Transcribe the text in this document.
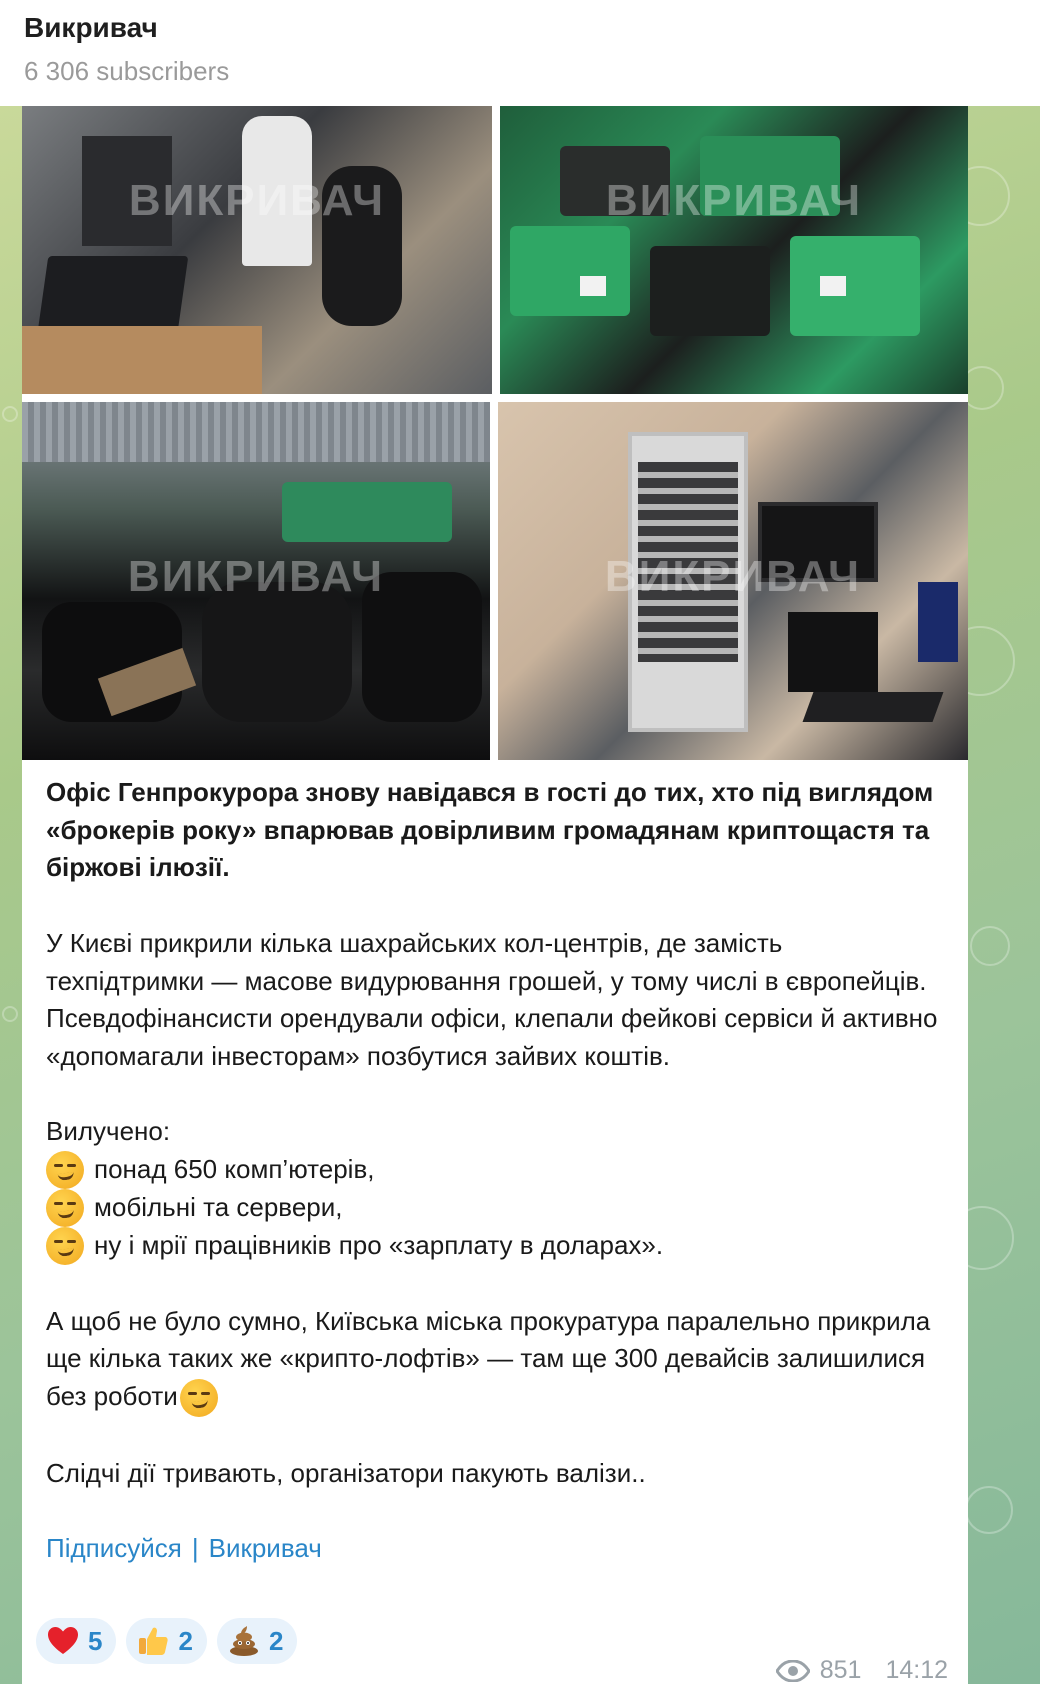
Викривач
6 306 subscribers
ВИКРИВАЧ	ВИКРИВАЧ
ВИКРИВАЧ	ВИКРИВАЧ
Офіс Генпрокурора знову навідався в гості до тих, хто під виглядом «брокерів року» впарював довірливим громадянам криптощастя та біржові ілюзії.
У Києві прикрили кілька шахрайських кол-центрів, де замість техпідтримки — масове видурювання грошей, у тому числі в європейців. Псевдофінансисти орендували офіси, клепали фейкові сервіси й активно «допомагали інвесторам» позбутися зайвих коштів.
Вилучено:
понад 650 комп’ютерів,
мобільні та сервери,
ну і мрії працівників про «зарплату в доларах».
А щоб не було сумно, Київська міська прокуратура паралельно прикрила ще кілька таких же «крипто-лофтів» — там ще 300 девайсів залишилися без роботи
Слідчі дії тривають, організатори пакують валізи..
Підписуйся | Викривач
5	2	2
851 14:12
